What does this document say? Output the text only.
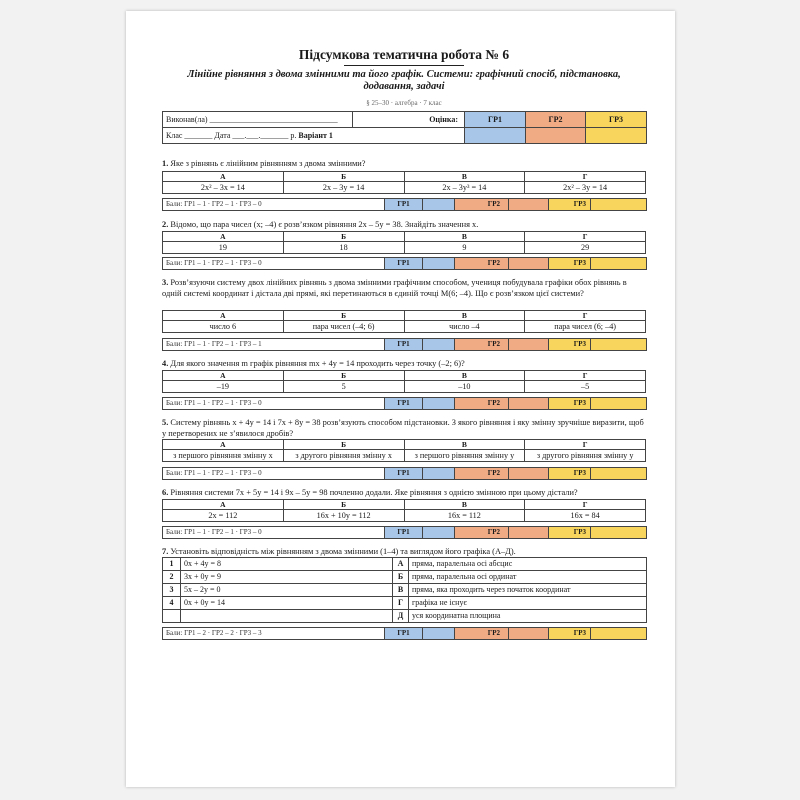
Підсумкова тематична робота № 6
Лінійне рівняння з двома змінними та його графік. Системи: графічний спосіб, підстановка, додавання, задачі
§ 25–30 · алгебра · 7 клас
Виконав(ла) ________________________________	Оцінка:	ГР1	ГР2	ГР3
Клас _______ Дата ___.___._______ р. Варіант 1				
1. Яке з рівнянь є лінійним рівнянням з двома змінними?
А	Б	В	Г
2x² – 3x = 14	2x – 3y = 14	2x – 3y³ = 14	2x² – 3y = 14
Бали: ГР1 – 1 · ГР2 – 1 · ГР3 – 0	ГР1		ГР2		ГР3	
2. Відомо, що пара чисел (x; –4) є розв’язком рівняння 2x – 5y = 38. Знайдіть значення x.
А	Б	В	Г
19	18	9	29
Бали: ГР1 – 1 · ГР2 – 1 · ГР3 – 0	ГР1		ГР2		ГР3	
3. Розв’язуючи систему двох лінійних рівнянь з двома змінними графічним способом, учениця побудувала графіки обох рівнянь в одній системі координат і дістала дві прямі, які перетинаються в єдиній точці M(6; –4). Що є розв’язком цієї системи?
А	Б	В	Г
число 6	пара чисел (–4; 6)	число –4	пара чисел (6; –4)
Бали: ГР1 – 1 · ГР2 – 1 · ГР3 – 1	ГР1		ГР2		ГР3	
4. Для якого значення m графік рівняння mx + 4y = 14 проходить через точку (–2; 6)?
А	Б	В	Г
–19	5	–10	–5
Бали: ГР1 – 1 · ГР2 – 1 · ГР3 – 0	ГР1		ГР2		ГР3	
5. Систему рівнянь x + 4y = 14 і 7x + 8y = 38 розв’язують способом підстановки. З якого рівняння і яку змінну зручніше виразити, щоб у перетворених не з’явилося дробів?
А	Б	В	Г
з першого рівняння змінну x	з другого рівняння змінну x	з першого рівняння змінну y	з другого рівняння змінну y
Бали: ГР1 – 1 · ГР2 – 1 · ГР3 – 0	ГР1		ГР2		ГР3	
6. Рівняння системи 7x + 5y = 14 і 9x – 5y = 98 почленно додали. Яке рівняння з однією змінною при цьому дістали?
А	Б	В	Г
2x = 112	16x + 10y = 112	16x = 112	16x = 84
Бали: ГР1 – 1 · ГР2 – 1 · ГР3 – 0	ГР1		ГР2		ГР3	
7. Установіть відповідність між рівнянням з двома змінними (1–4) та виглядом його графіка (А–Д).
1	0x + 4y = 8	А	пряма, паралельна осі абсцис
2	3x + 0y = 9	Б	пряма, паралельна осі ординат
3	5x – 2y = 0	В	пряма, яка проходить через початок координат
4	0x + 0y = 14	Г	графіка не існує
		Д	уся координатна площина
Бали: ГР1 – 2 · ГР2 – 2 · ГР3 – 3	ГР1		ГР2		ГР3	
